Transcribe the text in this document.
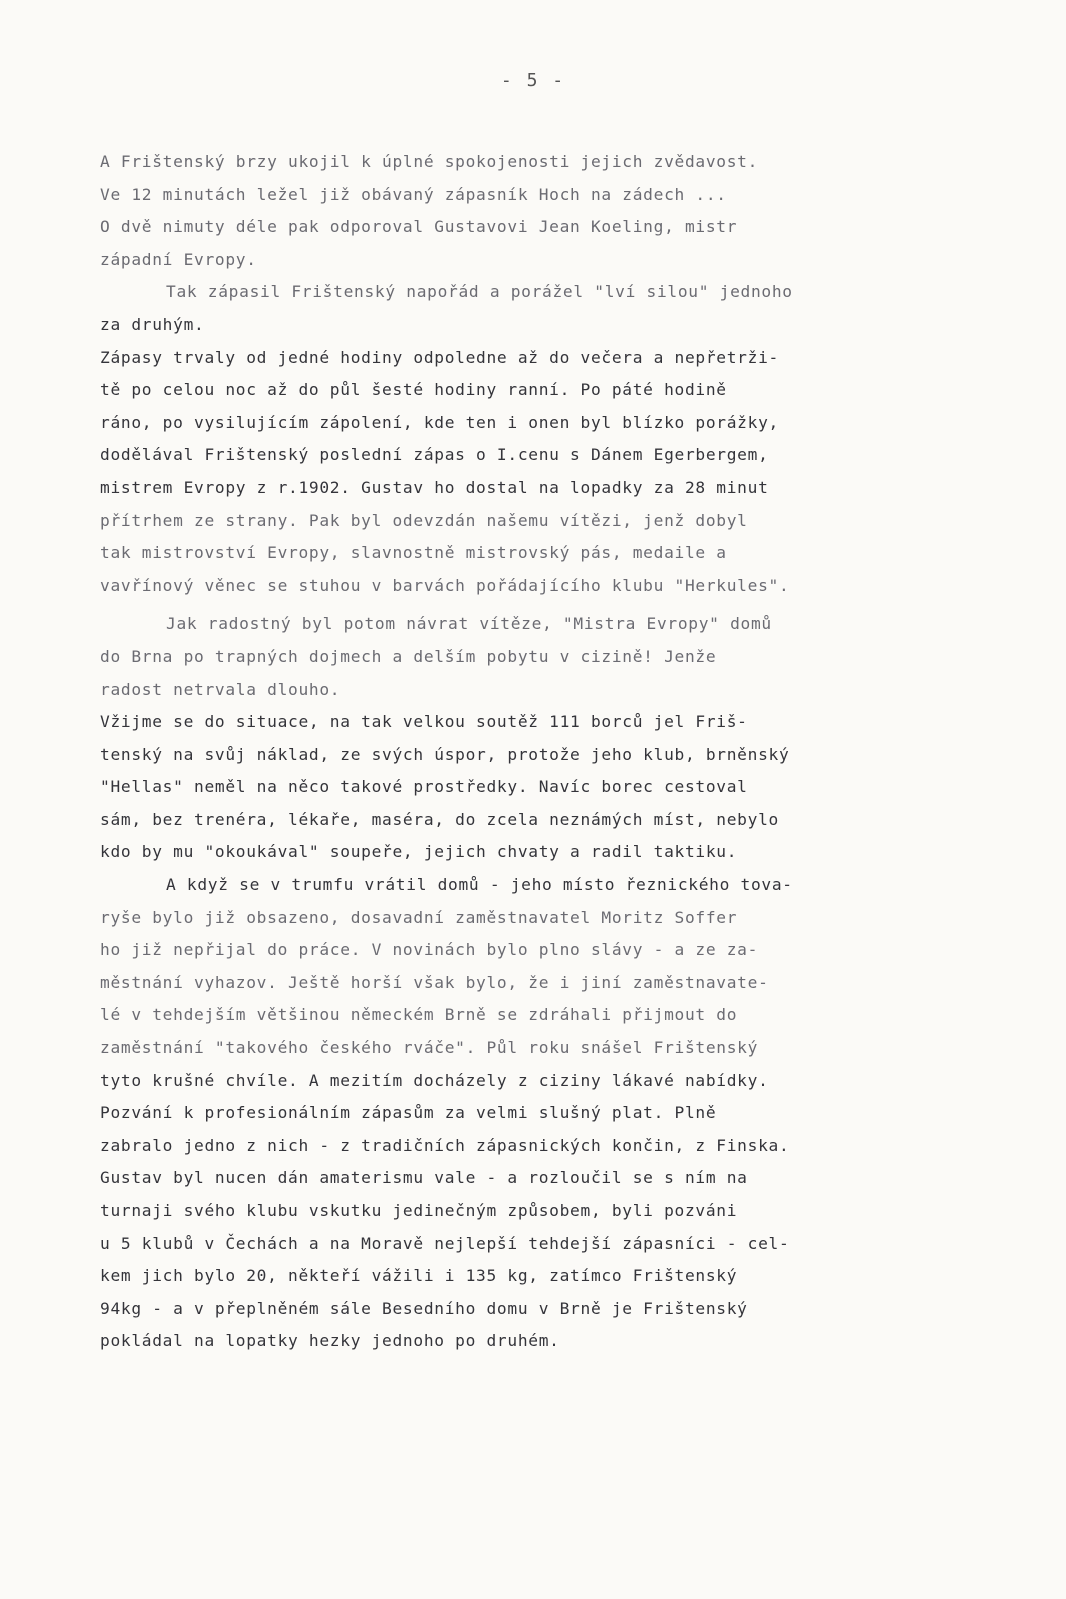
- 5 -
A Frištenský brzy ukojil k úplné spokojenosti jejich zvědavost.
Ve 12 minutách ležel již obávaný zápasník Hoch na zádech ...
O dvě nimuty déle pak odporoval Gustavovi Jean Koeling, mistr
západní Evropy.
Tak zápasil Frištenský napořád a porážel "lví silou" jednoho
za druhým.
Zápasy trvaly od jedné hodiny odpoledne až do večera a nepřetrži-
tě po celou noc až do půl šesté hodiny ranní. Po páté hodině
ráno, po vysilujícím zápolení, kde ten i onen byl blízko porážky,
dodělával Frištenský poslední zápas o I.cenu s Dánem Egerbergem,
mistrem Evropy z r.1902. Gustav ho dostal na lopadky za 28 minut
přítrhem ze strany. Pak byl odevzdán našemu vítězi, jenž dobyl
tak mistrovství Evropy, slavnostně mistrovský pás, medaile a
vavřínový věnec se stuhou v barvách pořádajícího klubu "Herkules".
Jak radostný byl potom návrat vítěze, "Mistra Evropy" domů
do Brna po trapných dojmech a delším pobytu v cizině! Jenže
radost netrvala dlouho.
Vžijme se do situace, na tak velkou soutěž 111 borců jel Friš-
tenský na svůj náklad, ze svých úspor, protože jeho klub, brněnský
"Hellas" neměl na něco takové prostředky. Navíc borec cestoval
sám, bez trenéra, lékaře, maséra, do zcela neznámých míst, nebylo
kdo by mu "okoukával" soupeře, jejich chvaty a radil taktiku.
A když se v trumfu vrátil domů - jeho místo řeznického tova-
ryše bylo již obsazeno, dosavadní zaměstnavatel Moritz Soffer
ho již nepřijal do práce. V novinách bylo plno slávy - a ze za-
městnání vyhazov. Ještě horší však bylo, že i jiní zaměstnavate-
lé v tehdejším většinou německém Brně se zdráhali přijmout do
zaměstnání "takového českého rváče". Půl roku snášel Frištenský
tyto krušné chvíle. A mezitím docházely z ciziny lákavé nabídky.
Pozvání k profesionálním zápasům za velmi slušný plat. Plně
zabralo jedno z nich - z tradičních zápasnických končin, z Finska.
Gustav byl nucen dán amaterismu vale - a rozloučil se s ním na
turnaji svého klubu vskutku jedinečným způsobem, byli pozváni
u 5 klubů v Čechách a na Moravě nejlepší tehdejší zápasníci - cel-
kem jich bylo 20, někteří vážili i 135 kg, zatímco Frištenský
94kg - a v přeplněném sále Besedního domu v Brně je Frištenský
pokládal na lopatky hezky jednoho po druhém.
